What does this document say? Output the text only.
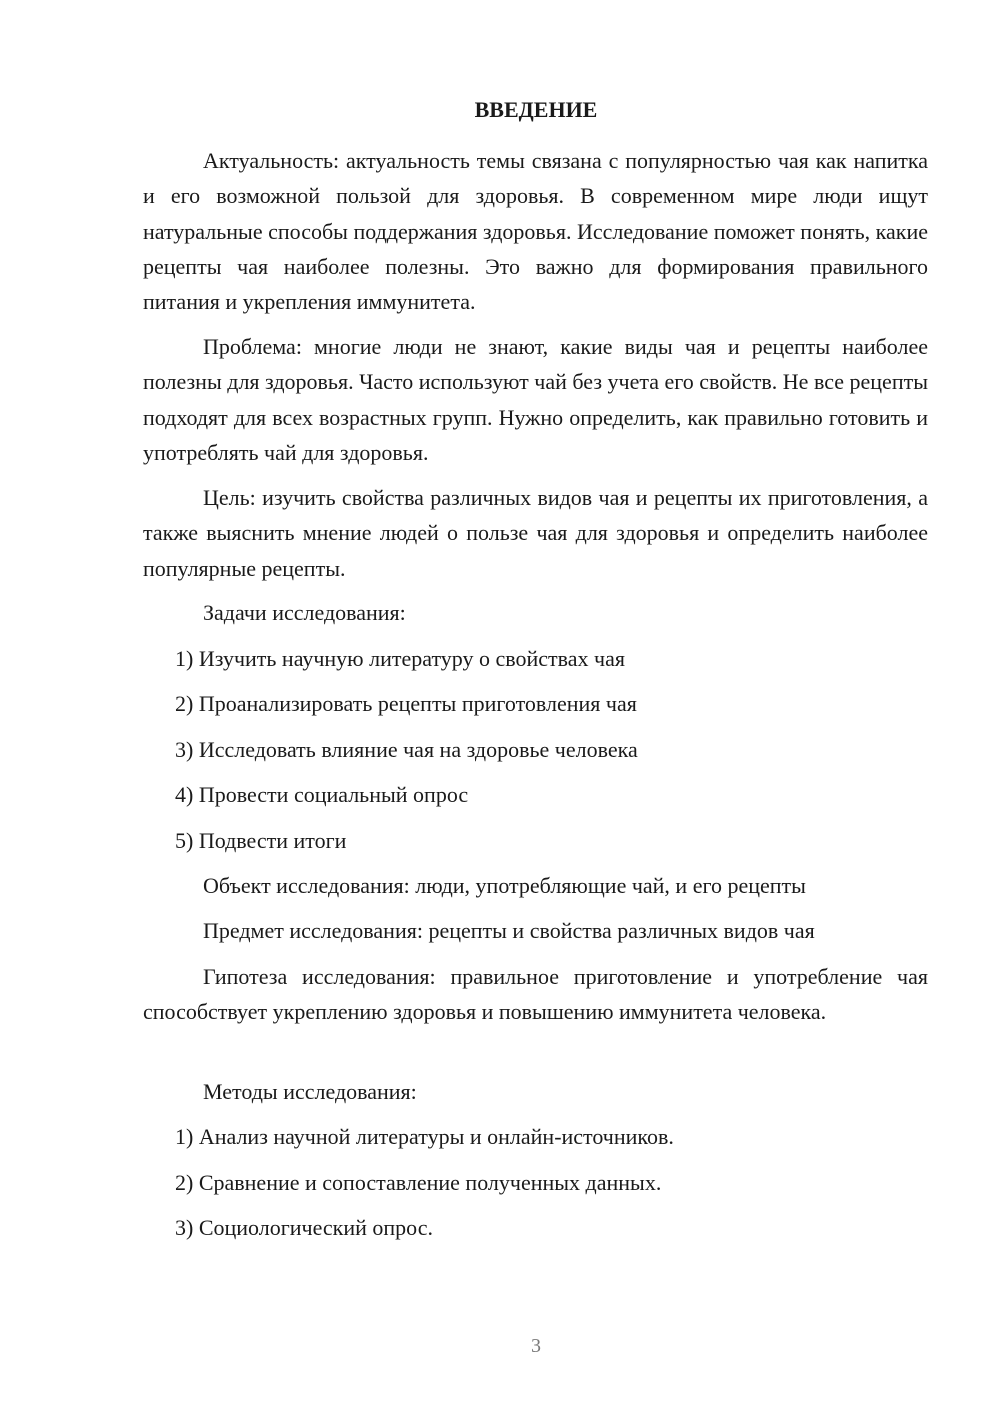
ВВЕДЕНИЕ

Актуальность: актуальность темы связана с популярностью чая как напитка и его возможной пользой для здоровья. В современном мире люди ищут натуральные способы поддержания здоровья. Исследование поможет понять, какие рецепты чая наиболее полезны. Это важно для формирования правильного питания и укрепления иммунитета.

Проблема: многие люди не знают, какие виды чая и рецепты наиболее полезны для здоровья. Часто используют чай без учета его свойств. Не все рецепты подходят для всех возрастных групп. Нужно определить, как правильно готовить и употреблять чай для здоровья.

Цель: изучить свойства различных видов чая и рецепты их приготовления, а также выяснить мнение людей о пользе чая для здоровья и определить наиболее популярные рецепты.

Задачи исследования:

1) Изучить научную литературу о свойствах чая

2) Проанализировать рецепты приготовления чая

3) Исследовать влияние чая на здоровье человека

4) Провести социальный опрос

5) Подвести итоги

Объект исследования: люди, употребляющие чай, и его рецепты

Предмет исследования: рецепты и свойства различных видов чая

Гипотеза исследования: правильное приготовление и употребление чая способствует укреплению здоровья и повышению иммунитета человека.

Методы исследования:

1) Анализ научной литературы и онлайн-источников.

2) Сравнение и сопоставление полученных данных.

3) Социологический опрос.

3
